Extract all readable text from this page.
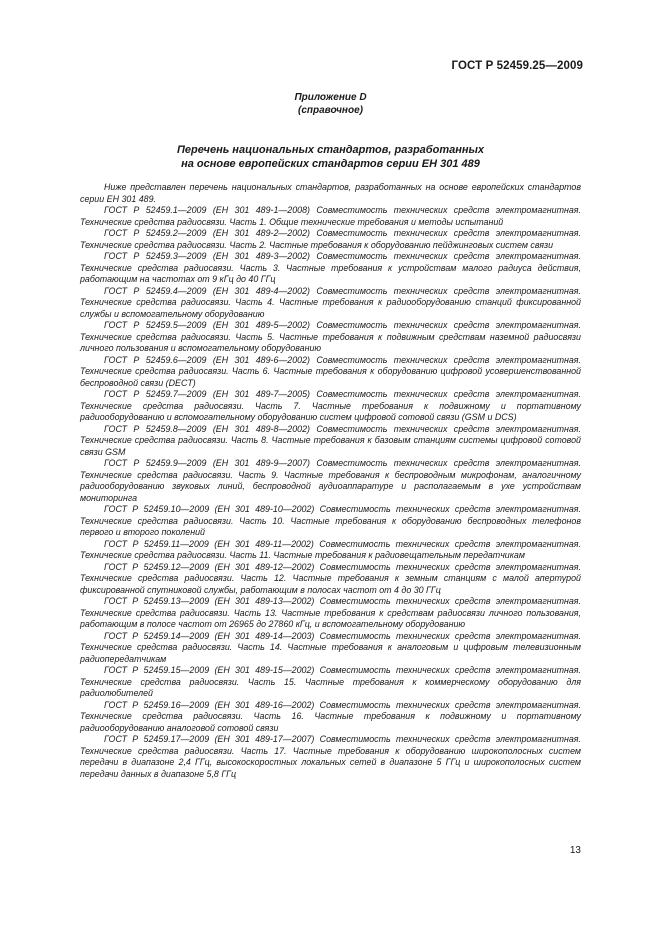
ГОСТ Р 52459.25—2009
Приложение D
(справочное)
Перечень национальных стандартов, разработанных
на основе европейских стандартов серии ЕН 301 489

Ниже представлен перечень национальных стандартов, разработанных на основе европейских стандартов серии ЕН 301 489.

ГОСТ Р 52459.1—2009 (ЕН 301 489-1—2008) Совместимость технических средств электромагнитная. Технические средства радиосвязи. Часть 1. Общие технические требования и методы испытаний

ГОСТ Р 52459.2—2009 (ЕН 301 489-2—2002) Совместимость технических средств электромагнитная. Технические средства радиосвязи. Часть 2. Частные требования к оборудованию пейджинговых систем связи

ГОСТ Р 52459.3—2009 (ЕН 301 489-3—2002) Совместимость технических средств электромагнитная. Технические средства радиосвязи. Часть 3. Частные требования к устройствам малого радиуса действия, работающим на частотах от 9 кГц до 40 ГГц

ГОСТ Р 52459.4—2009 (ЕН 301 489-4—2002) Совместимость технических средств электромагнитная. Технические средства радиосвязи. Часть 4. Частные требования к радиооборудованию станций фиксированной службы и вспомогательному оборудованию

ГОСТ Р 52459.5—2009 (ЕН 301 489-5—2002) Совместимость технических средств электромагнитная. Технические средства радиосвязи. Часть 5. Частные требования к подвижным средствам наземной радиосвязи личного пользования и вспомогательному оборудованию

ГОСТ Р 52459.6—2009 (ЕН 301 489-6—2002) Совместимость технических средств электромагнитная. Технические средства радиосвязи. Часть 6. Частные требования к оборудованию цифровой усовершенствованной беспроводной связи (DECT)

ГОСТ Р 52459.7—2009 (ЕН 301 489-7—2005) Совместимость технических средств электромагнитная. Технические средства радиосвязи. Часть 7. Частные требования к подвижному и портативному радиооборудованию и вспомогательному оборудованию систем цифровой сотовой связи (GSM и DCS)

ГОСТ Р 52459.8—2009 (ЕН 301 489-8—2002) Совместимость технических средств электромагнитная. Технические средства радиосвязи. Часть 8. Частные требования к базовым станциям системы цифровой сотовой связи GSM

ГОСТ Р 52459.9—2009 (ЕН 301 489-9—2007) Совместимость технических средств электромагнитная. Технические средства радиосвязи. Часть 9. Частные требования к беспроводным микрофонам, аналогичному радиооборудованию звуковых линий, беспроводной аудиоаппаратуре и располагаемым в ухе устройствам мониторинга

ГОСТ Р 52459.10—2009 (ЕН 301 489-10—2002) Совместимость технических средств электромагнитная. Технические средства радиосвязи. Часть 10. Частные требования к оборудованию беспроводных телефонов первого и второго поколений

ГОСТ Р 52459.11—2009 (ЕН 301 489-11—2002) Совместимость технических средств электромагнитная. Технические средства радиосвязи. Часть 11. Частные требования к радиовещательным передатчикам

ГОСТ Р 52459.12—2009 (ЕН 301 489-12—2002) Совместимость технических средств электромагнитная. Технические средства радиосвязи. Часть 12. Частные требования к земным станциям с малой апертурой фиксированной спутниковой службы, работающим в полосах частот от 4 до 30 ГГц

ГОСТ Р 52459.13—2009 (ЕН 301 489-13—2002) Совместимость технических средств электромагнитная. Технические средства радиосвязи. Часть 13. Частные требования к средствам радиосвязи личного пользования, работающим в полосе частот от 26965 до 27860 кГц, и вспомогательному оборудованию

ГОСТ Р 52459.14—2009 (ЕН 301 489-14—2003) Совместимость технических средств электромагнитная. Технические средства радиосвязи. Часть 14. Частные требования к аналоговым и цифровым телевизионным радиопередатчикам

ГОСТ Р 52459.15—2009 (ЕН 301 489-15—2002) Совместимость технических средств электромагнитная. Технические средства радиосвязи. Часть 15. Частные требования к коммерческому оборудованию для радиолюбителей

ГОСТ Р 52459.16—2009 (ЕН 301 489-16—2002) Совместимость технических средств электромагнитная. Технические средства радиосвязи. Часть 16. Частные требования к подвижному и портативному радиооборудованию аналоговой сотовой связи

ГОСТ Р 52459.17—2009 (ЕН 301 489-17—2007) Совместимость технических средств электромагнитная. Технические средства радиосвязи. Часть 17. Частные требования к оборудованию широкополосных систем передачи в диапазоне 2,4 ГГц, высокоскоростных локальных сетей в диапазоне 5 ГГц и широкополосных систем передачи данных в диапазоне 5,8 ГГц

13
